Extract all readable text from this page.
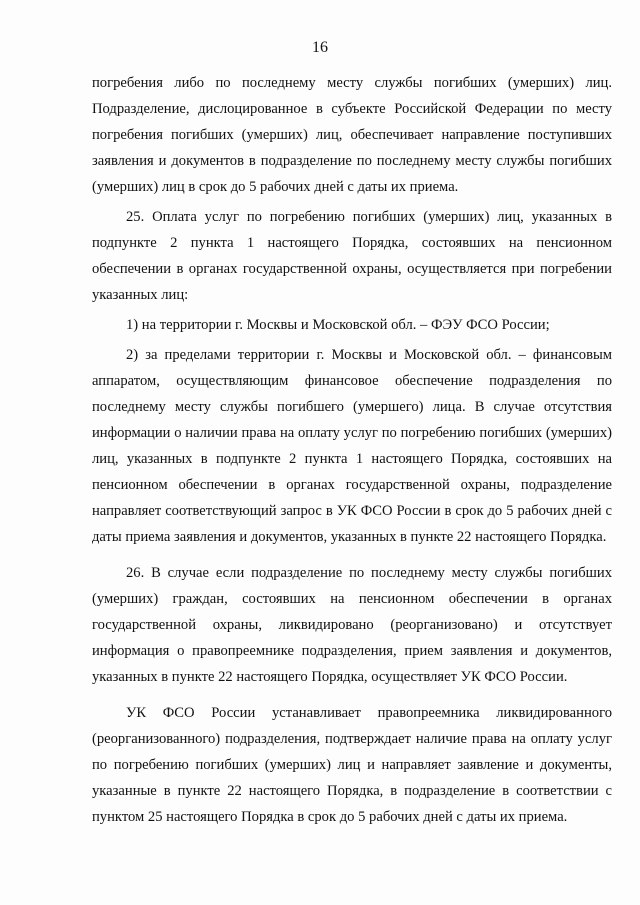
16

погребения либо по последнему месту службы погибших (умерших) лиц. Подразделение, дислоцированное в субъекте Российской Федерации по месту погребения погибших (умерших) лиц, обеспечивает направление поступивших заявления и документов в подразделение по последнему месту службы погибших (умерших) лиц в срок до 5 рабочих дней с даты их приема.

25. Оплата услуг по погребению погибших (умерших) лиц, указанных в подпункте 2 пункта 1 настоящего Порядка, состоявших на пенсионном обеспечении в органах государственной охраны, осуществляется при погребении указанных лиц:

1) на территории г. Москвы и Московской обл. – ФЭУ ФСО России;

2) за пределами территории г. Москвы и Московской обл. – финансовым аппаратом, осуществляющим финансовое обеспечение подразделения по последнему месту службы погибшего (умершего) лица. В случае отсутствия информации о наличии права на оплату услуг по погребению погибших (умерших) лиц, указанных в подпункте 2 пункта 1 настоящего Порядка, состоявших на пенсионном обеспечении в органах государственной охраны, подразделение направляет соответствующий запрос в УК ФСО России в срок до 5 рабочих дней с даты приема заявления и документов, указанных в пункте 22 настоящего Порядка.

26. В случае если подразделение по последнему месту службы погибших (умерших) граждан, состоявших на пенсионном обеспечении в органах государственной охраны, ликвидировано (реорганизовано) и отсутствует информация о правопреемнике подразделения, прием заявления и документов, указанных в пункте 22 настоящего Порядка, осуществляет УК ФСО России.

УК ФСО России устанавливает правопреемника ликвидированного (реорганизованного) подразделения, подтверждает наличие права на оплату услуг по погребению погибших (умерших) лиц и направляет заявление и документы, указанные в пункте 22 настоящего Порядка, в подразделение в соответствии с пунктом 25 настоящего Порядка в срок до 5 рабочих дней с даты их приема.
